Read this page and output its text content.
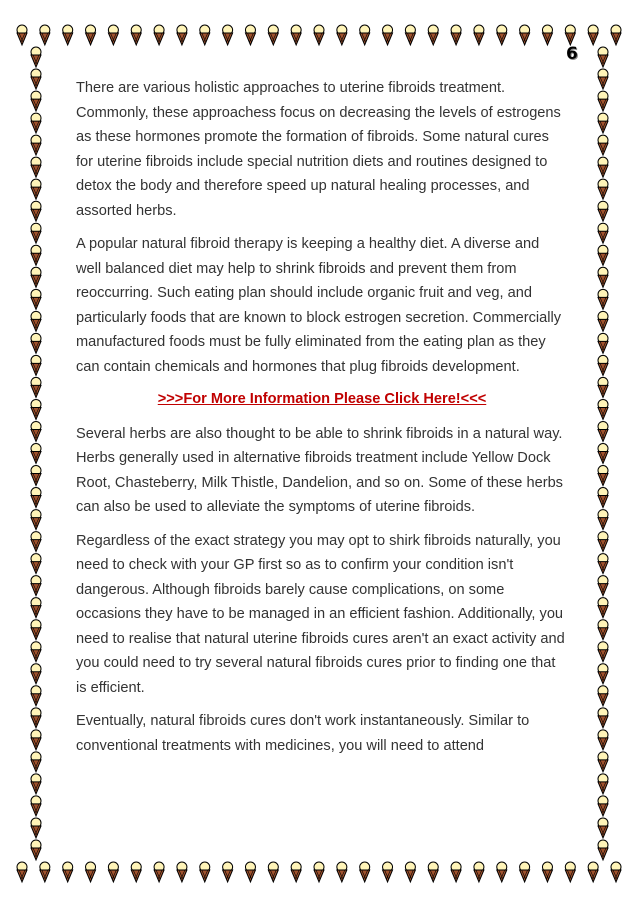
6

There are various holistic approaches to uterine fibroids treatment. Commonly, these approachess focus on decreasing the levels of estrogens as these hormones promote the formation of fibroids. Some natural cures for uterine fibroids include special nutrition diets and routines designed to detox the body and therefore speed up natural healing processes, and assorted herbs.

A popular natural fibroid therapy is keeping a healthy diet. A diverse and well balanced diet may help to shrink fibroids and prevent them from reoccurring. Such eating plan should include organic fruit and veg, and particularly foods that are known to block estrogen secretion. Commercially manufactured foods must be fully eliminated from the eating plan as they can contain chemicals and hormones that plug fibroids development.

>>>For More Information Please Click Here!<<<

Several herbs are also thought to be able to shrink fibroids in a natural way. Herbs generally used in alternative fibroids treatment include Yellow Dock Root, Chasteberry, Milk Thistle, Dandelion, and so on. Some of these herbs can also be used to alleviate the symptoms of uterine fibroids.

Regardless of the exact strategy you may opt to shirk fibroids naturally, you need to check with your GP first so as to confirm your condition isn't dangerous. Although fibroids barely cause complications, on some occasions they have to be managed in an efficient fashion. Additionally, you need to realise that natural uterine fibroids cures aren't an exact activity and you could need to try several natural fibroids cures prior to finding one that is efficient.

Eventually, natural fibroids cures don't work instantaneously. Similar to conventional treatments with medicines, you will need to attend
